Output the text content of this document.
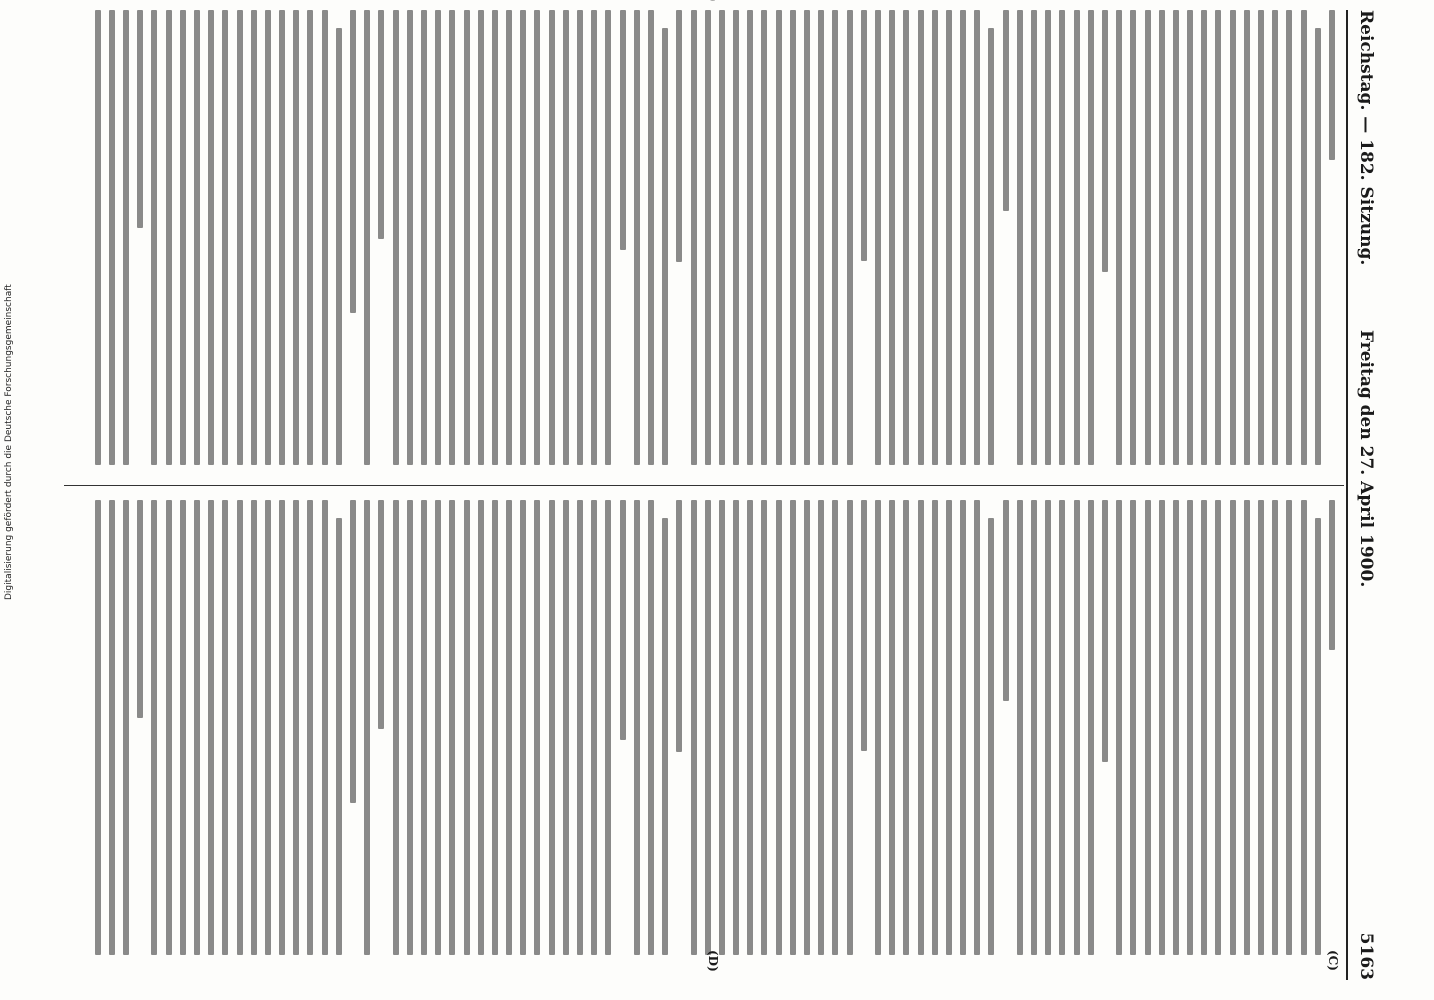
Reichstag. — 182. Sitzung.
Freitag den 27. April 1900.
5163
(C)
(D)
Digitalisierung gefördert durch die Deutsche Forschungsgemeinschaft
